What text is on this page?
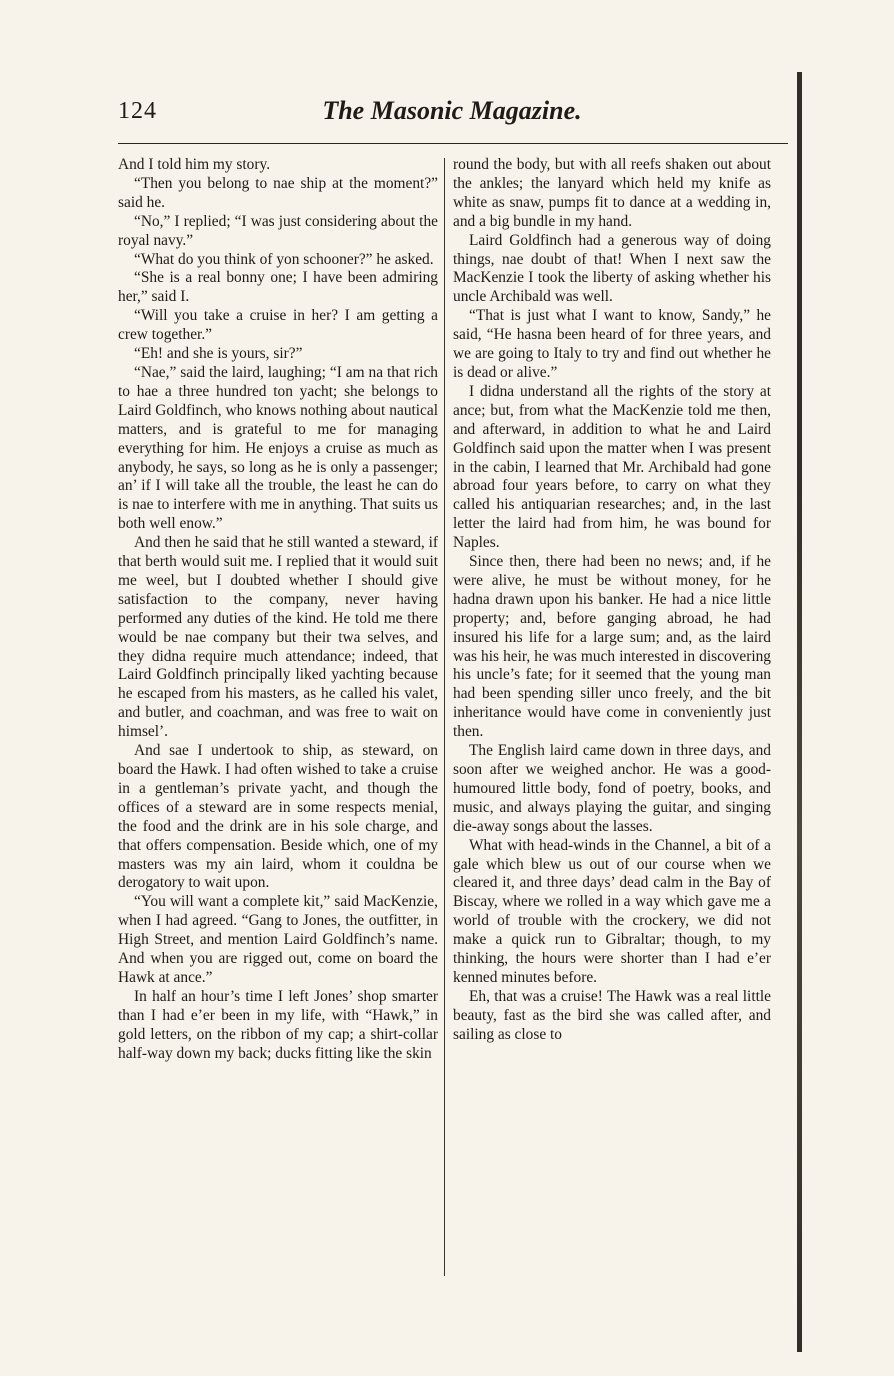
124	The Masonic Magazine.

And I told him my story.

“Then you belong to nae ship at the moment?” said he.

“No,” I replied; “I was just considering about the royal navy.”

“What do you think of yon schooner?” he asked.

“She is a real bonny one; I have been admiring her,” said I.

“Will you take a cruise in her? I am getting a crew together.”

“Eh! and she is yours, sir?”

“Nae,” said the laird, laughing; “I am na that rich to hae a three hundred ton yacht; she belongs to Laird Goldfinch, who knows nothing about nautical matters, and is grateful to me for managing everything for him. He enjoys a cruise as much as anybody, he says, so long as he is only a passenger; an’ if I will take all the trouble, the least he can do is nae to interfere with me in anything. That suits us both well enow.”

And then he said that he still wanted a steward, if that berth would suit me. I replied that it would suit me weel, but I doubted whether I should give satisfaction to the company, never having performed any duties of the kind. He told me there would be nae company but their twa selves, and they didna require much attendance; indeed, that Laird Goldfinch principally liked yachting because he escaped from his masters, as he called his valet, and butler, and coachman, and was free to wait on himsel’.

And sae I undertook to ship, as steward, on board the Hawk. I had often wished to take a cruise in a gentleman’s private yacht, and though the offices of a steward are in some respects menial, the food and the drink are in his sole charge, and that offers compensation. Beside which, one of my masters was my ain laird, whom it couldna be derogatory to wait upon.

“You will want a complete kit,” said MacKenzie, when I had agreed. “Gang to Jones, the outfitter, in High Street, and mention Laird Goldfinch’s name. And when you are rigged out, come on board the Hawk at ance.”

In half an hour’s time I left Jones’ shop smarter than I had e’er been in my life, with “Hawk,” in gold letters, on the ribbon of my cap; a shirt-collar half-way down my back; ducks fitting like the skin

round the body, but with all reefs shaken out about the ankles; the lanyard which held my knife as white as snaw, pumps fit to dance at a wedding in, and a big bundle in my hand.

Laird Goldfinch had a generous way of doing things, nae doubt of that! When I next saw the MacKenzie I took the liberty of asking whether his uncle Archibald was well.

“That is just what I want to know, Sandy,” he said, “He hasna been heard of for three years, and we are going to Italy to try and find out whether he is dead or alive.”

I didna understand all the rights of the story at ance; but, from what the MacKenzie told me then, and afterward, in addition to what he and Laird Goldfinch said upon the matter when I was present in the cabin, I learned that Mr. Archibald had gone abroad four years before, to carry on what they called his antiquarian researches; and, in the last letter the laird had from him, he was bound for Naples.

Since then, there had been no news; and, if he were alive, he must be without money, for he hadna drawn upon his banker. He had a nice little property; and, before ganging abroad, he had insured his life for a large sum; and, as the laird was his heir, he was much interested in discovering his uncle’s fate; for it seemed that the young man had been spending siller unco freely, and the bit inheritance would have come in conveniently just then.

The English laird came down in three days, and soon after we weighed anchor. He was a good-humoured little body, fond of poetry, books, and music, and always playing the guitar, and singing die-away songs about the lasses.

What with head-winds in the Channel, a bit of a gale which blew us out of our course when we cleared it, and three days’ dead calm in the Bay of Biscay, where we rolled in a way which gave me a world of trouble with the crockery, we did not make a quick run to Gibraltar; though, to my thinking, the hours were shorter than I had e’er kenned minutes before.

Eh, that was a cruise! The Hawk was a real little beauty, fast as the bird she was called after, and sailing as close to
